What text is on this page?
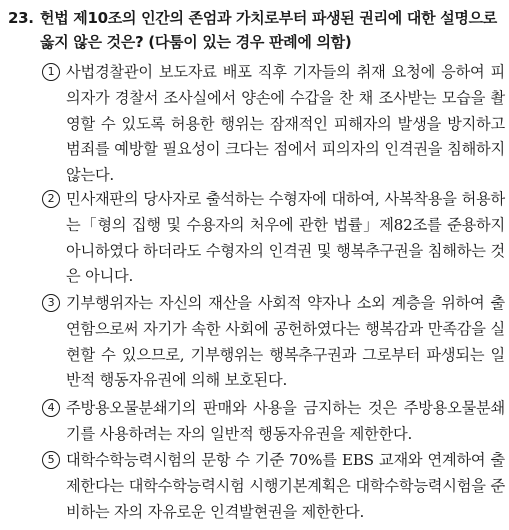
23. 헌법 제10조의 인간의 존엄과 가치로부터 파생된 권리에 대한 설명으로 옳지 않은 것은? (다툼이 있는 경우 판례에 의함)
1 사법경찰관이 보도자료 배포 직후 기자들의 취재 요청에 응하여 피의자가 경찰서 조사실에서 양손에 수갑을 찬 채 조사받는 모습을 촬영할 수 있도록 허용한 행위는 잠재적인 피해자의 발생을 방지하고 범죄를 예방할 필요성이 크다는 점에서 피의자의 인격권을 침해하지 않는다.
2 민사재판의 당사자로 출석하는 수형자에 대하여, 사복착용을 허용하는「형의 집행 및 수용자의 처우에 관한 법률」제82조를 준용하지 아니하였다 하더라도 수형자의 인격권 및 행복추구권을 침해하는 것은 아니다.
3 기부행위자는 자신의 재산을 사회적 약자나 소외 계층을 위하여 출연함으로써 자기가 속한 사회에 공헌하였다는 행복감과 만족감을 실현할 수 있으므로, 기부행위는 행복추구권과 그로부터 파생되는 일반적 행동자유권에 의해 보호된다.
4 주방용오물분쇄기의 판매와 사용을 금지하는 것은 주방용오물분쇄기를 사용하려는 자의 일반적 행동자유권을 제한한다.
5 대학수학능력시험의 문항 수 기준 70%를 EBS 교재와 연계하여 출제한다는 대학수학능력시험 시행기본계획은 대학수학능력시험을 준비하는 자의 자유로운 인격발현권을 제한한다.
